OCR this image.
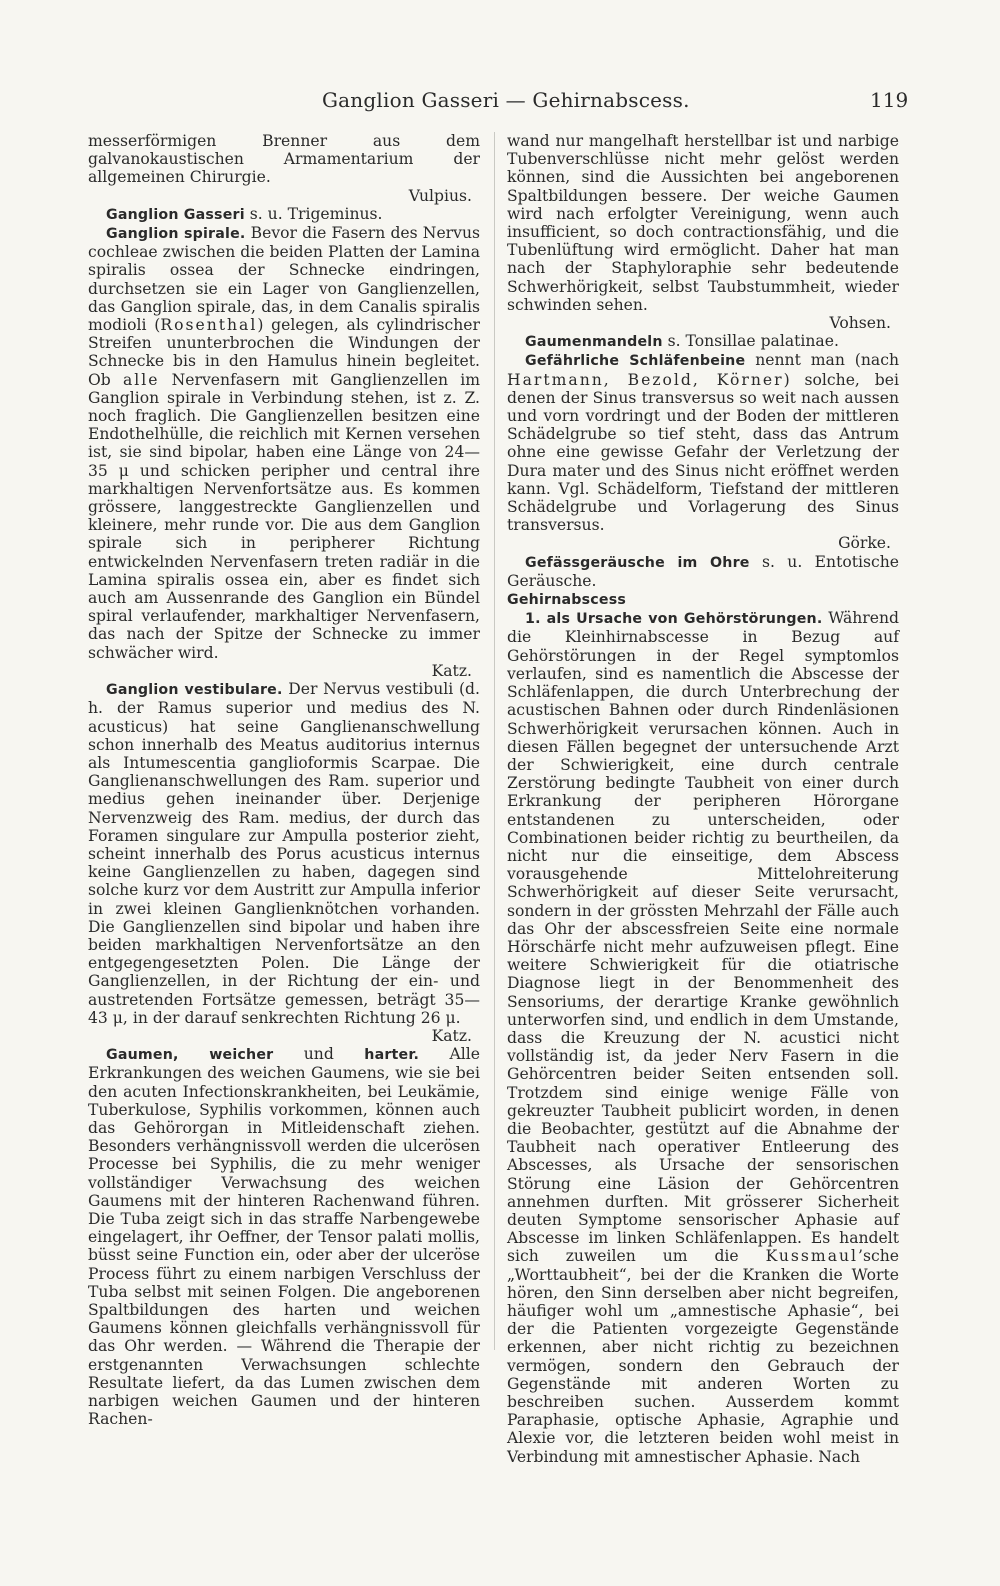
Ganglion Gasseri — Gehirnabscess.	119

messerförmigen Brenner aus dem galvanokaustischen Armamentarium der allgemeinen Chirurgie.

Vulpius.

Ganglion Gasseri s. u. Trigeminus.

Ganglion spirale. Bevor die Fasern des Nervus cochleae zwischen die beiden Platten der Lamina spiralis ossea der Schnecke eindringen, durchsetzen sie ein Lager von Ganglienzellen, das Ganglion spirale, das, in dem Canalis spiralis modioli (Rosenthal) gelegen, als cylindrischer Streifen ununterbrochen die Windungen der Schnecke bis in den Hamulus hinein begleitet. Ob alle Nervenfasern mit Ganglienzellen im Ganglion spirale in Verbindung stehen, ist z. Z. noch fraglich. Die Ganglienzellen besitzen eine Endothelhülle, die reichlich mit Kernen versehen ist, sie sind bipolar, haben eine Länge von 24—35 μ und schicken peripher und central ihre markhaltigen Nervenfortsätze aus. Es kommen grössere, langgestreckte Ganglienzellen und kleinere, mehr runde vor. Die aus dem Ganglion spirale sich in peripherer Richtung entwickelnden Nervenfasern treten radiär in die Lamina spiralis ossea ein, aber es findet sich auch am Aussenrande des Ganglion ein Bündel spiral verlaufender, markhaltiger Nervenfasern, das nach der Spitze der Schnecke zu immer schwächer wird.

Katz.

Ganglion vestibulare. Der Nervus vestibuli (d. h. der Ramus superior und medius des N. acusticus) hat seine Ganglienanschwellung schon innerhalb des Meatus auditorius internus als Intumescentia ganglioformis Scarpae. Die Ganglienanschwellungen des Ram. superior und medius gehen ineinander über. Derjenige Nervenzweig des Ram. medius, der durch das Foramen singulare zur Ampulla posterior zieht, scheint innerhalb des Porus acusticus internus keine Ganglienzellen zu haben, dagegen sind solche kurz vor dem Austritt zur Ampulla inferior in zwei kleinen Ganglienknötchen vorhanden. Die Ganglienzellen sind bipolar und haben ihre beiden markhaltigen Nervenfortsätze an den entgegengesetzten Polen. Die Länge der Ganglienzellen, in der Richtung der ein- und austretenden Fortsätze gemessen, beträgt 35—43 μ, in der darauf senkrechten Richtung 26 μ.

Katz.

Gaumen, weicher und harter. Alle Erkrankungen des weichen Gaumens, wie sie bei den acuten Infectionskrankheiten, bei Leukämie, Tuberkulose, Syphilis vorkommen, können auch das Gehörorgan in Mitleidenschaft ziehen. Besonders verhängnissvoll werden die ulcerösen Processe bei Syphilis, die zu mehr weniger vollständiger Verwachsung des weichen Gaumens mit der hinteren Rachenwand führen. Die Tuba zeigt sich in das straffe Narbengewebe eingelagert, ihr Oeffner, der Tensor palati mollis, büsst seine Function ein, oder aber der ulceröse Process führt zu einem narbigen Verschluss der Tuba selbst mit seinen Folgen. Die angeborenen Spaltbildungen des harten und weichen Gaumens können gleichfalls verhängnissvoll für das Ohr werden. — Während die Therapie der erstgenannten Verwachsungen schlechte Resultate liefert, da das Lumen zwischen dem narbigen weichen Gaumen und der hinteren Rachen-

wand nur mangelhaft herstellbar ist und narbige Tubenverschlüsse nicht mehr gelöst werden können, sind die Aussichten bei angeborenen Spaltbildungen bessere. Der weiche Gaumen wird nach erfolgter Vereinigung, wenn auch insufficient, so doch contractionsfähig, und die Tubenlüftung wird ermöglicht. Daher hat man nach der Staphyloraphie sehr bedeutende Schwerhörigkeit, selbst Taubstummheit, wieder schwinden sehen.

Vohsen.

Gaumenmandeln s. Tonsillae palatinae.

Gefährliche Schläfenbeine nennt man (nach Hartmann, Bezold, Körner) solche, bei denen der Sinus transversus so weit nach aussen und vorn vordringt und der Boden der mittleren Schädelgrube so tief steht, dass das Antrum ohne eine gewisse Gefahr der Verletzung der Dura mater und des Sinus nicht eröffnet werden kann. Vgl. Schädelform, Tiefstand der mittleren Schädelgrube und Vorlagerung des Sinus transversus.

Görke.

Gefässgeräusche im Ohre s. u. Entotische Geräusche.

Gehirnabscess

1. als Ursache von Gehörstörungen. Während die Kleinhirnabscesse in Bezug auf Gehörstörungen in der Regel symptomlos verlaufen, sind es namentlich die Abscesse der Schläfenlappen, die durch Unterbrechung der acustischen Bahnen oder durch Rindenläsionen Schwerhörigkeit verursachen können. Auch in diesen Fällen begegnet der untersuchende Arzt der Schwierigkeit, eine durch centrale Zerstörung bedingte Taubheit von einer durch Erkrankung der peripheren Hörorgane entstandenen zu unterscheiden, oder Combinationen beider richtig zu beurtheilen, da nicht nur die einseitige, dem Abscess vorausgehende Mittelohreiterung Schwerhörigkeit auf dieser Seite verursacht, sondern in der grössten Mehrzahl der Fälle auch das Ohr der abscessfreien Seite eine normale Hörschärfe nicht mehr aufzuweisen pflegt. Eine weitere Schwierigkeit für die otiatrische Diagnose liegt in der Benommenheit des Sensoriums, der derartige Kranke gewöhnlich unterworfen sind, und endlich in dem Umstande, dass die Kreuzung der N. acustici nicht vollständig ist, da jeder Nerv Fasern in die Gehörcentren beider Seiten entsenden soll. Trotzdem sind einige wenige Fälle von gekreuzter Taubheit publicirt worden, in denen die Beobachter, gestützt auf die Abnahme der Taubheit nach operativer Entleerung des Abscesses, als Ursache der sensorischen Störung eine Läsion der Gehörcentren annehmen durften. Mit grösserer Sicherheit deuten Symptome sensorischer Aphasie auf Abscesse im linken Schläfenlappen. Es handelt sich zuweilen um die Kussmaul’sche „Worttaubheit“, bei der die Kranken die Worte hören, den Sinn derselben aber nicht begreifen, häufiger wohl um „amnestische Aphasie“, bei der die Patienten vorgezeigte Gegenstände erkennen, aber nicht richtig zu bezeichnen vermögen, sondern den Gebrauch der Gegenstände mit anderen Worten zu beschreiben suchen. Ausserdem kommt Paraphasie, optische Aphasie, Agraphie und Alexie vor, die letzteren beiden wohl meist in Verbindung mit amnestischer Aphasie. Nach
